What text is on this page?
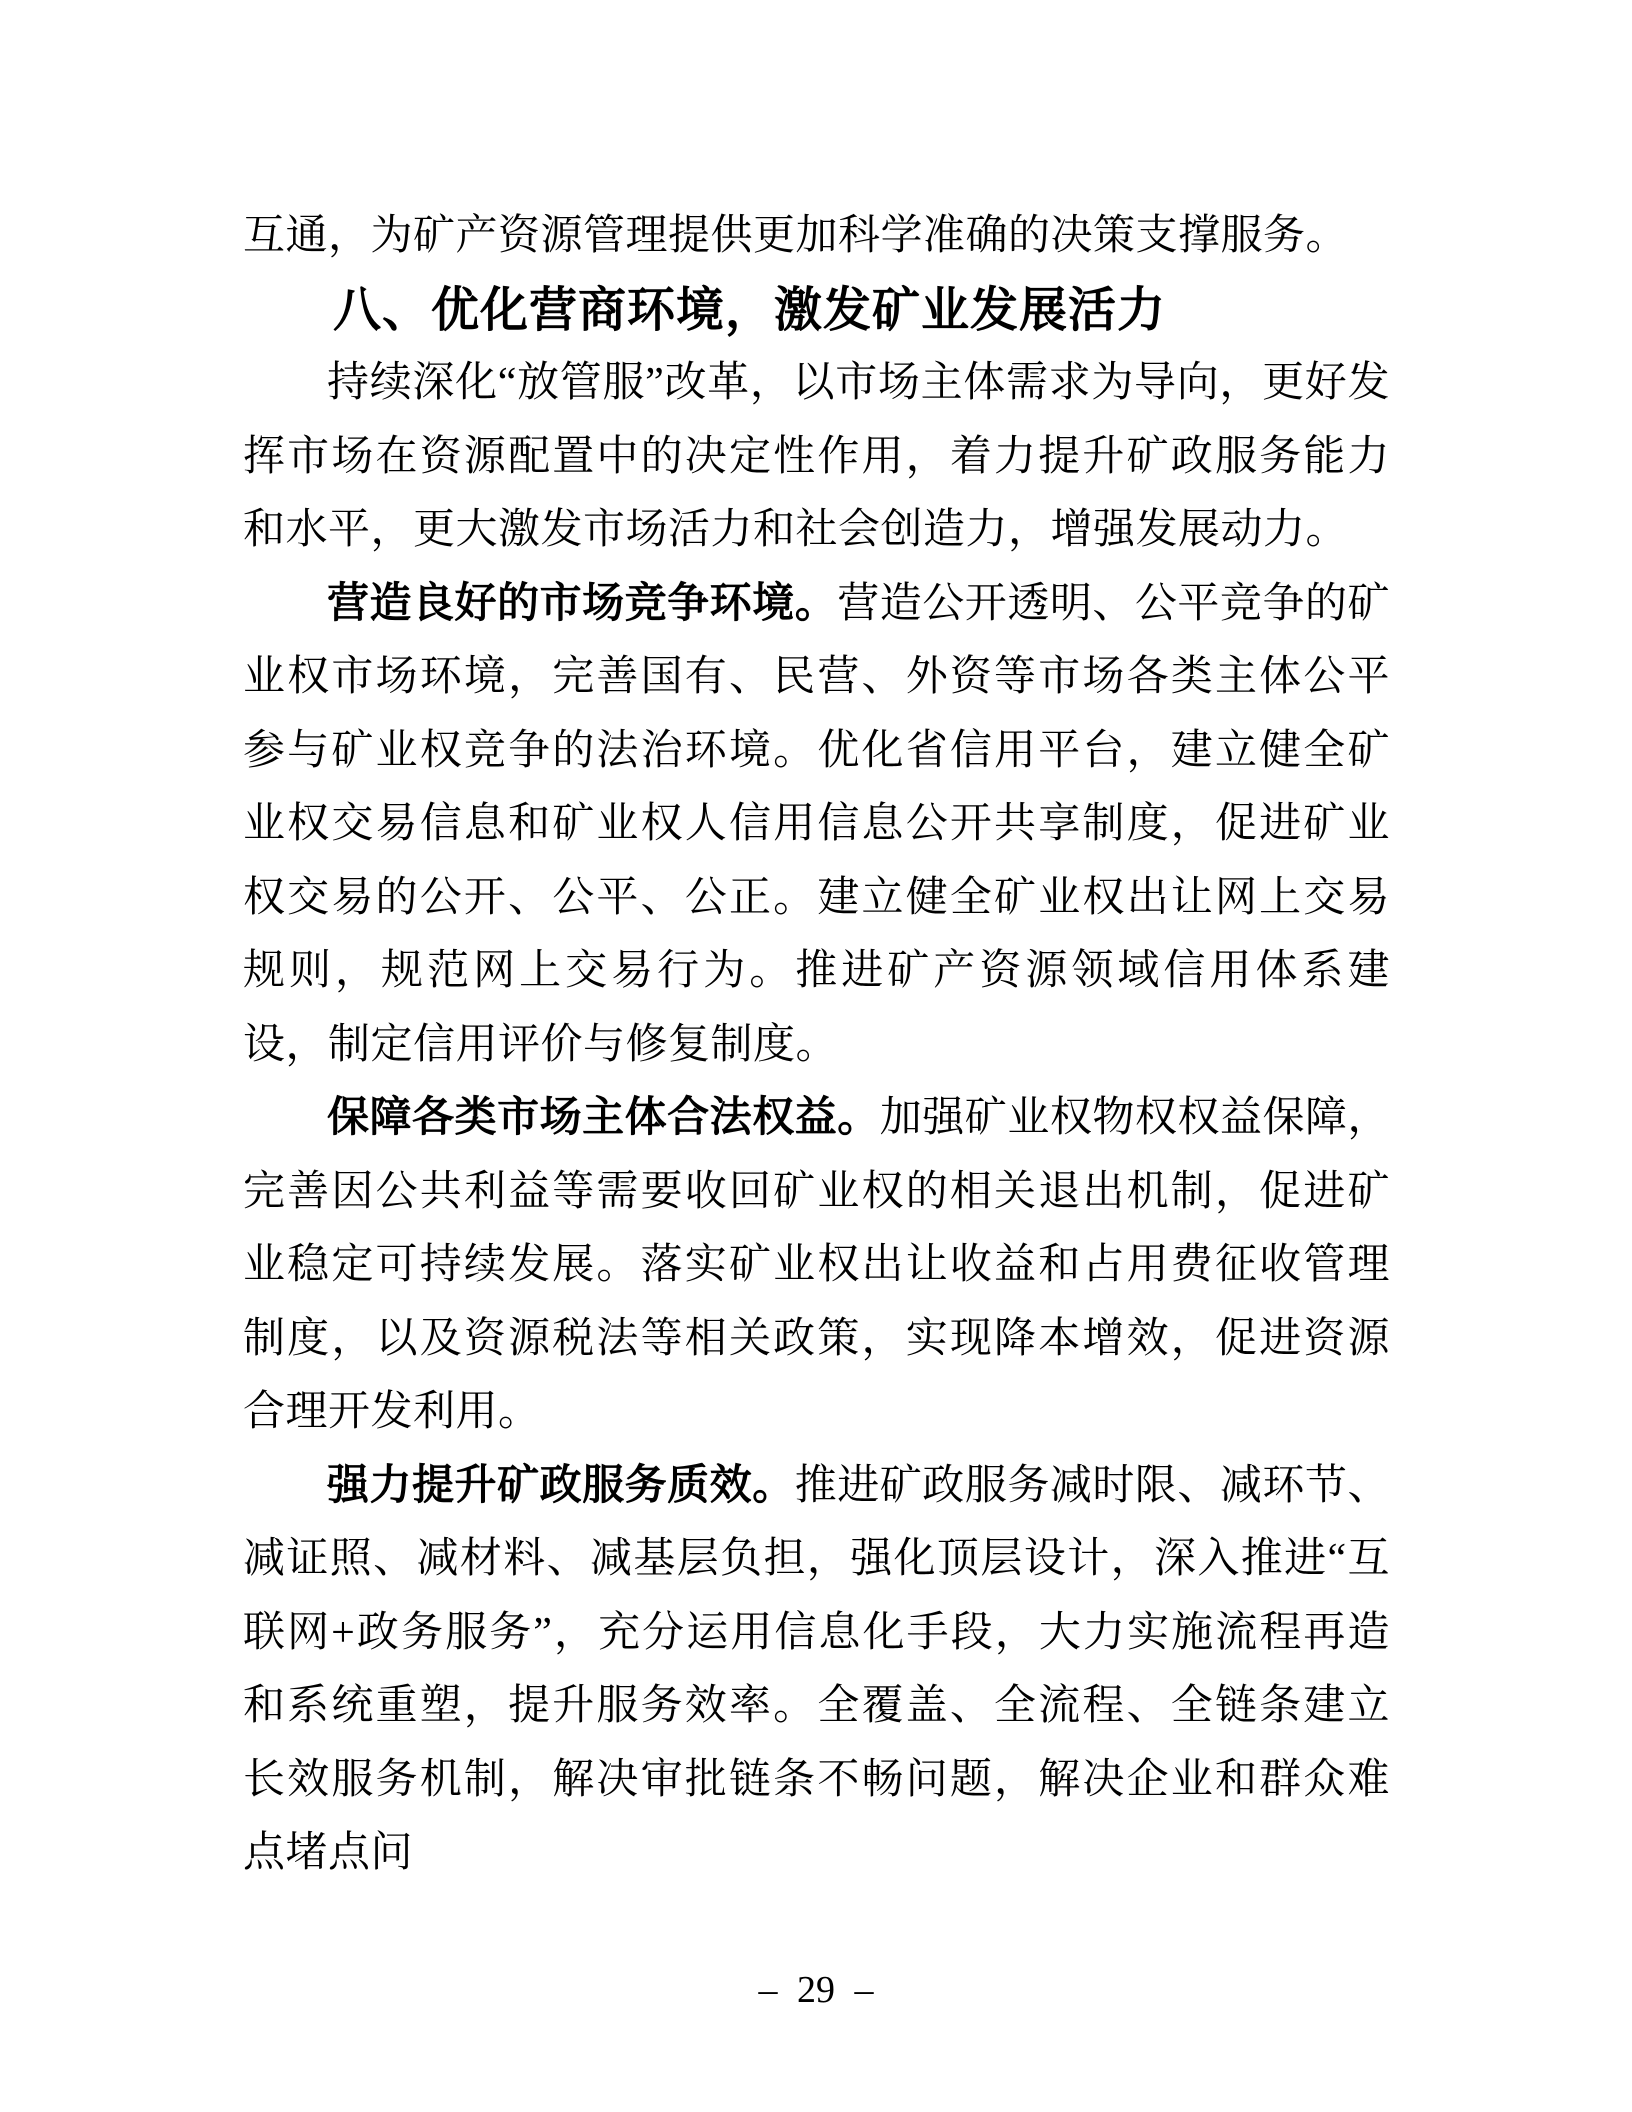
互通，为矿产资源管理提供更加科学准确的决策支撑服务。

八、优化营商环境，激发矿业发展活力

持续深化“放管服”改革，以市场主体需求为导向，更好发挥市场在资源配置中的决定性作用，着力提升矿政服务能力和水平，更大激发市场活力和社会创造力，增强发展动力。

营造良好的市场竞争环境。营造公开透明、公平竞争的矿业权市场环境，完善国有、民营、外资等市场各类主体公平参与矿业权竞争的法治环境。优化省信用平台，建立健全矿业权交易信息和矿业权人信用信息公开共享制度，促进矿业权交易的公开、公平、公正。建立健全矿业权出让网上交易规则，规范网上交易行为。推进矿产资源领域信用体系建设，制定信用评价与修复制度。

保障各类市场主体合法权益。加强矿业权物权权益保障，完善因公共利益等需要收回矿业权的相关退出机制，促进矿业稳定可持续发展。落实矿业权出让收益和占用费征收管理制度，以及资源税法等相关政策，实现降本增效，促进资源合理开发利用。

强力提升矿政服务质效。推进矿政服务减时限、减环节、减证照、减材料、减基层负担，强化顶层设计，深入推进“互联网+政务服务”，充分运用信息化手段，大力实施流程再造和系统重塑，提升服务效率。全覆盖、全流程、全链条建立长效服务机制，解决审批链条不畅问题，解决企业和群众难点堵点问

– 29 –
